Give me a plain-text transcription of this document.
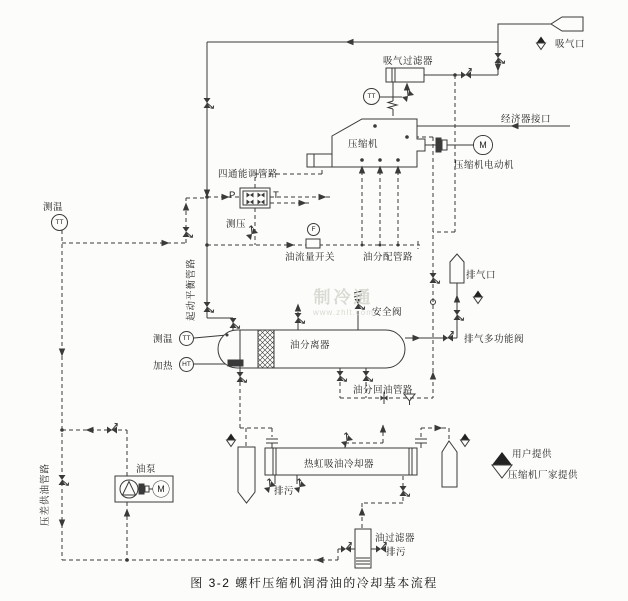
TT
TT
TT
HT
F
M
M
吸气口
吸气过滤器
经济器接口
压缩机
压缩机电动机
四通能调管路
P	T
测压
测温
油流量开关	油分配管路
起动平衡管路	排气口
安全阀
测温
油分离器
加热
排气多功能阀
油分回油管路
油泵
压差供油管路	热虹吸油冷却器
排污
用户提供
压缩机厂家提供
油过滤器
排污
制冷通
www.zhlt.com
图 3-2 螺杆压缩机润滑油的冷却基本流程
